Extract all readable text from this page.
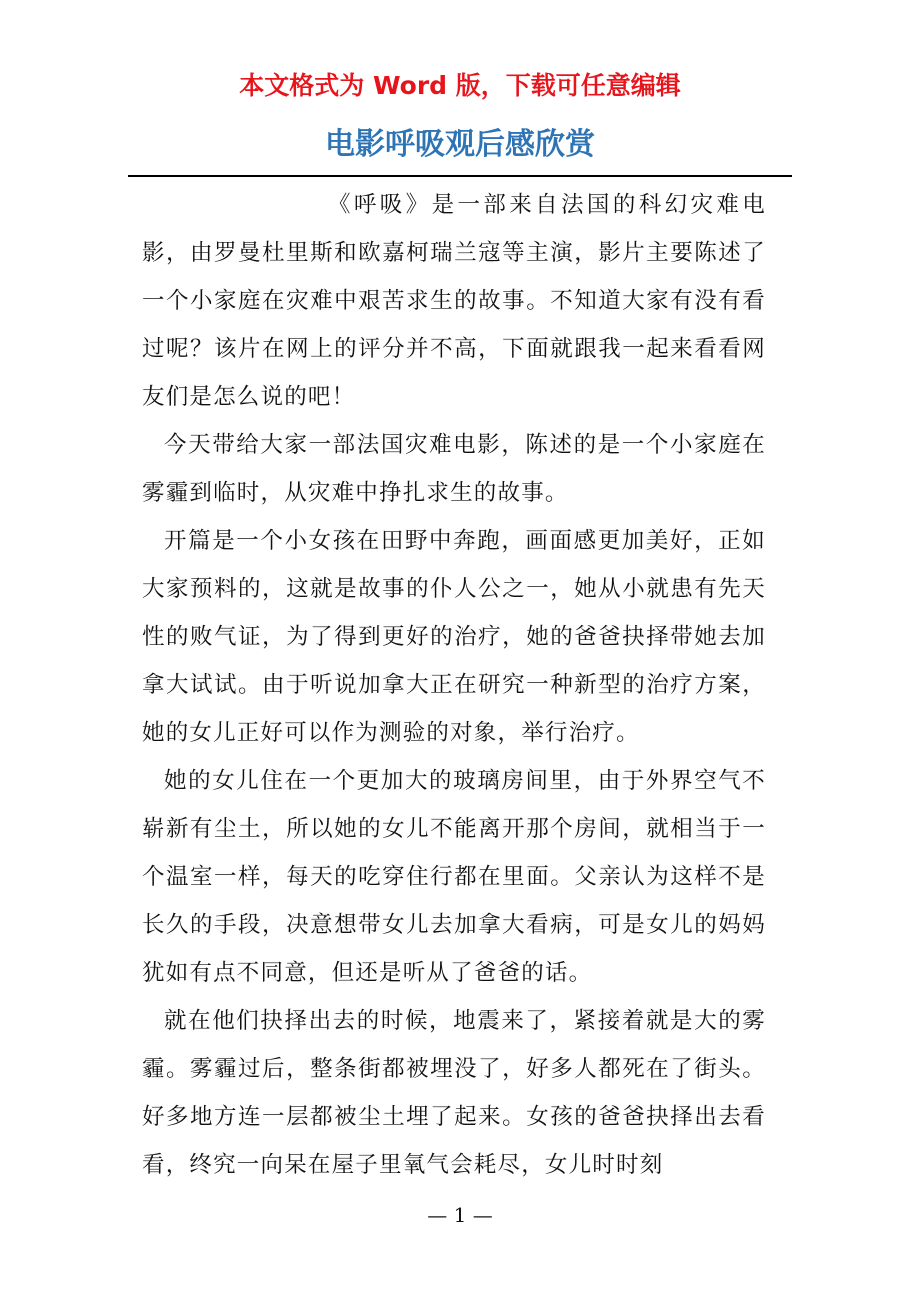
本文格式为 Word 版，下载可任意编辑
电影呼吸观后感欣赏

《呼吸》是一部来自法国的科幻灾难电影，由罗曼杜里斯和欧嘉柯瑞兰寇等主演，影片主要陈述了一个小家庭在灾难中艰苦求生的故事。不知道大家有没有看过呢？该片在网上的评分并不高，下面就跟我一起来看看网友们是怎么说的吧！

今天带给大家一部法国灾难电影，陈述的是一个小家庭在雾霾到临时，从灾难中挣扎求生的故事。

开篇是一个小女孩在田野中奔跑，画面感更加美好，正如大家预料的，这就是故事的仆人公之一，她从小就患有先天性的败气证，为了得到更好的治疗，她的爸爸抉择带她去加拿大试试。由于听说加拿大正在研究一种新型的治疗方案，她的女儿正好可以作为测验的对象，举行治疗。

她的女儿住在一个更加大的玻璃房间里，由于外界空气不崭新有尘土，所以她的女儿不能离开那个房间，就相当于一个温室一样，每天的吃穿住行都在里面。父亲认为这样不是长久的手段，决意想带女儿去加拿大看病，可是女儿的妈妈犹如有点不同意，但还是听从了爸爸的话。

就在他们抉择出去的时候，地震来了，紧接着就是大的雾霾。雾霾过后，整条街都被埋没了，好多人都死在了街头。好多地方连一层都被尘土埋了起来。女孩的爸爸抉择出去看看，终究一向呆在屋子里氧气会耗尽，女儿时时刻

— 1 —
